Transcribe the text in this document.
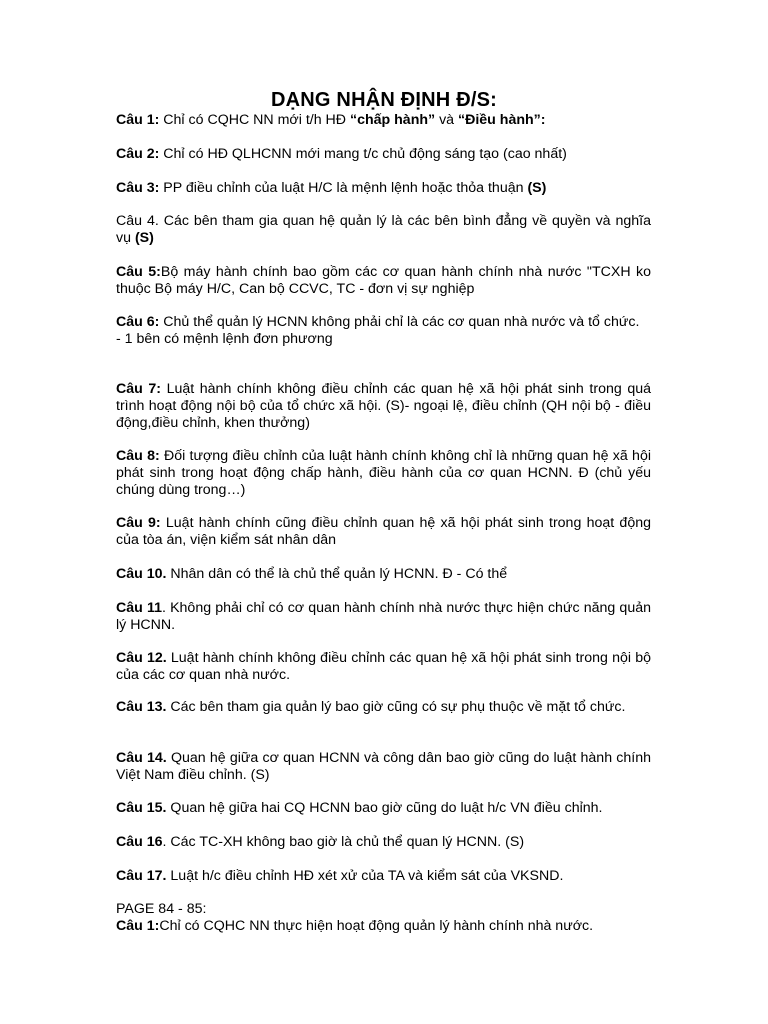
DẠNG NHẬN ĐỊNH Đ/S:

Câu 1: Chỉ có CQHC NN mới t/h HĐ “chấp hành” và “Điều hành”:

Câu 2: Chỉ có HĐ QLHCNN mới mang t/c chủ động sáng tạo (cao nhất)

Câu 3: PP điều chỉnh của luật H/C là mệnh lệnh hoặc thỏa thuận (S)

Câu 4. Các bên tham gia quan hệ quản lý là các bên bình đẳng về quyền và nghĩa vụ (S)

Câu 5:Bộ máy hành chính bao gồm các cơ quan hành chính nhà nước "TCXH ko thuộc Bộ máy H/C, Can bộ CCVC, TC - đơn vị sự nghiệp

Câu 6: Chủ thể quản lý HCNN không phải chỉ là các cơ quan nhà nước và tổ chức.
- 1 bên có mệnh lệnh đơn phương

Câu 7: Luật hành chính không điều chỉnh các quan hệ xã hội phát sinh trong quá trình hoạt động nội bộ của tổ chức xã hội. (S)- ngoại lệ, điều chỉnh (QH nội bộ - điều động,điều chỉnh, khen thưởng)

Câu 8: Đối tượng điều chỉnh của luật hành chính không chỉ là những quan hệ xã hội phát sinh trong hoạt động chấp hành, điều hành của cơ quan HCNN. Đ (chủ yếu chúng dùng trong…)

Câu 9: Luật hành chính cũng điều chỉnh quan hệ xã hội phát sinh trong hoạt động của tòa án, viện kiểm sát nhân dân

Câu 10. Nhân dân có thể là chủ thể quản lý HCNN. Đ - Có thể

Câu 11. Không phải chỉ có cơ quan hành chính nhà nước thực hiện chức năng quản lý HCNN.

Câu 12. Luật hành chính không điều chỉnh các quan hệ xã hội phát sinh trong nội bộ của các cơ quan nhà nước.

Câu 13. Các bên tham gia quản lý bao giờ cũng có sự phụ thuộc về mặt tổ chức.

Câu 14. Quan hệ giữa cơ quan HCNN và công dân bao giờ cũng do luật hành chính Việt Nam điều chỉnh. (S)

Câu 15. Quan hệ giữa hai CQ HCNN bao giờ cũng do luật h/c VN điều chỉnh.

Câu 16. Các TC-XH không bao giờ là chủ thể quan lý HCNN. (S)

Câu 17. Luật h/c điều chỉnh HĐ xét xử của TA và kiểm sát của VKSND.

PAGE 84 - 85:

Câu 1:Chỉ có CQHC NN thực hiện hoạt động quản lý hành chính nhà nước.
